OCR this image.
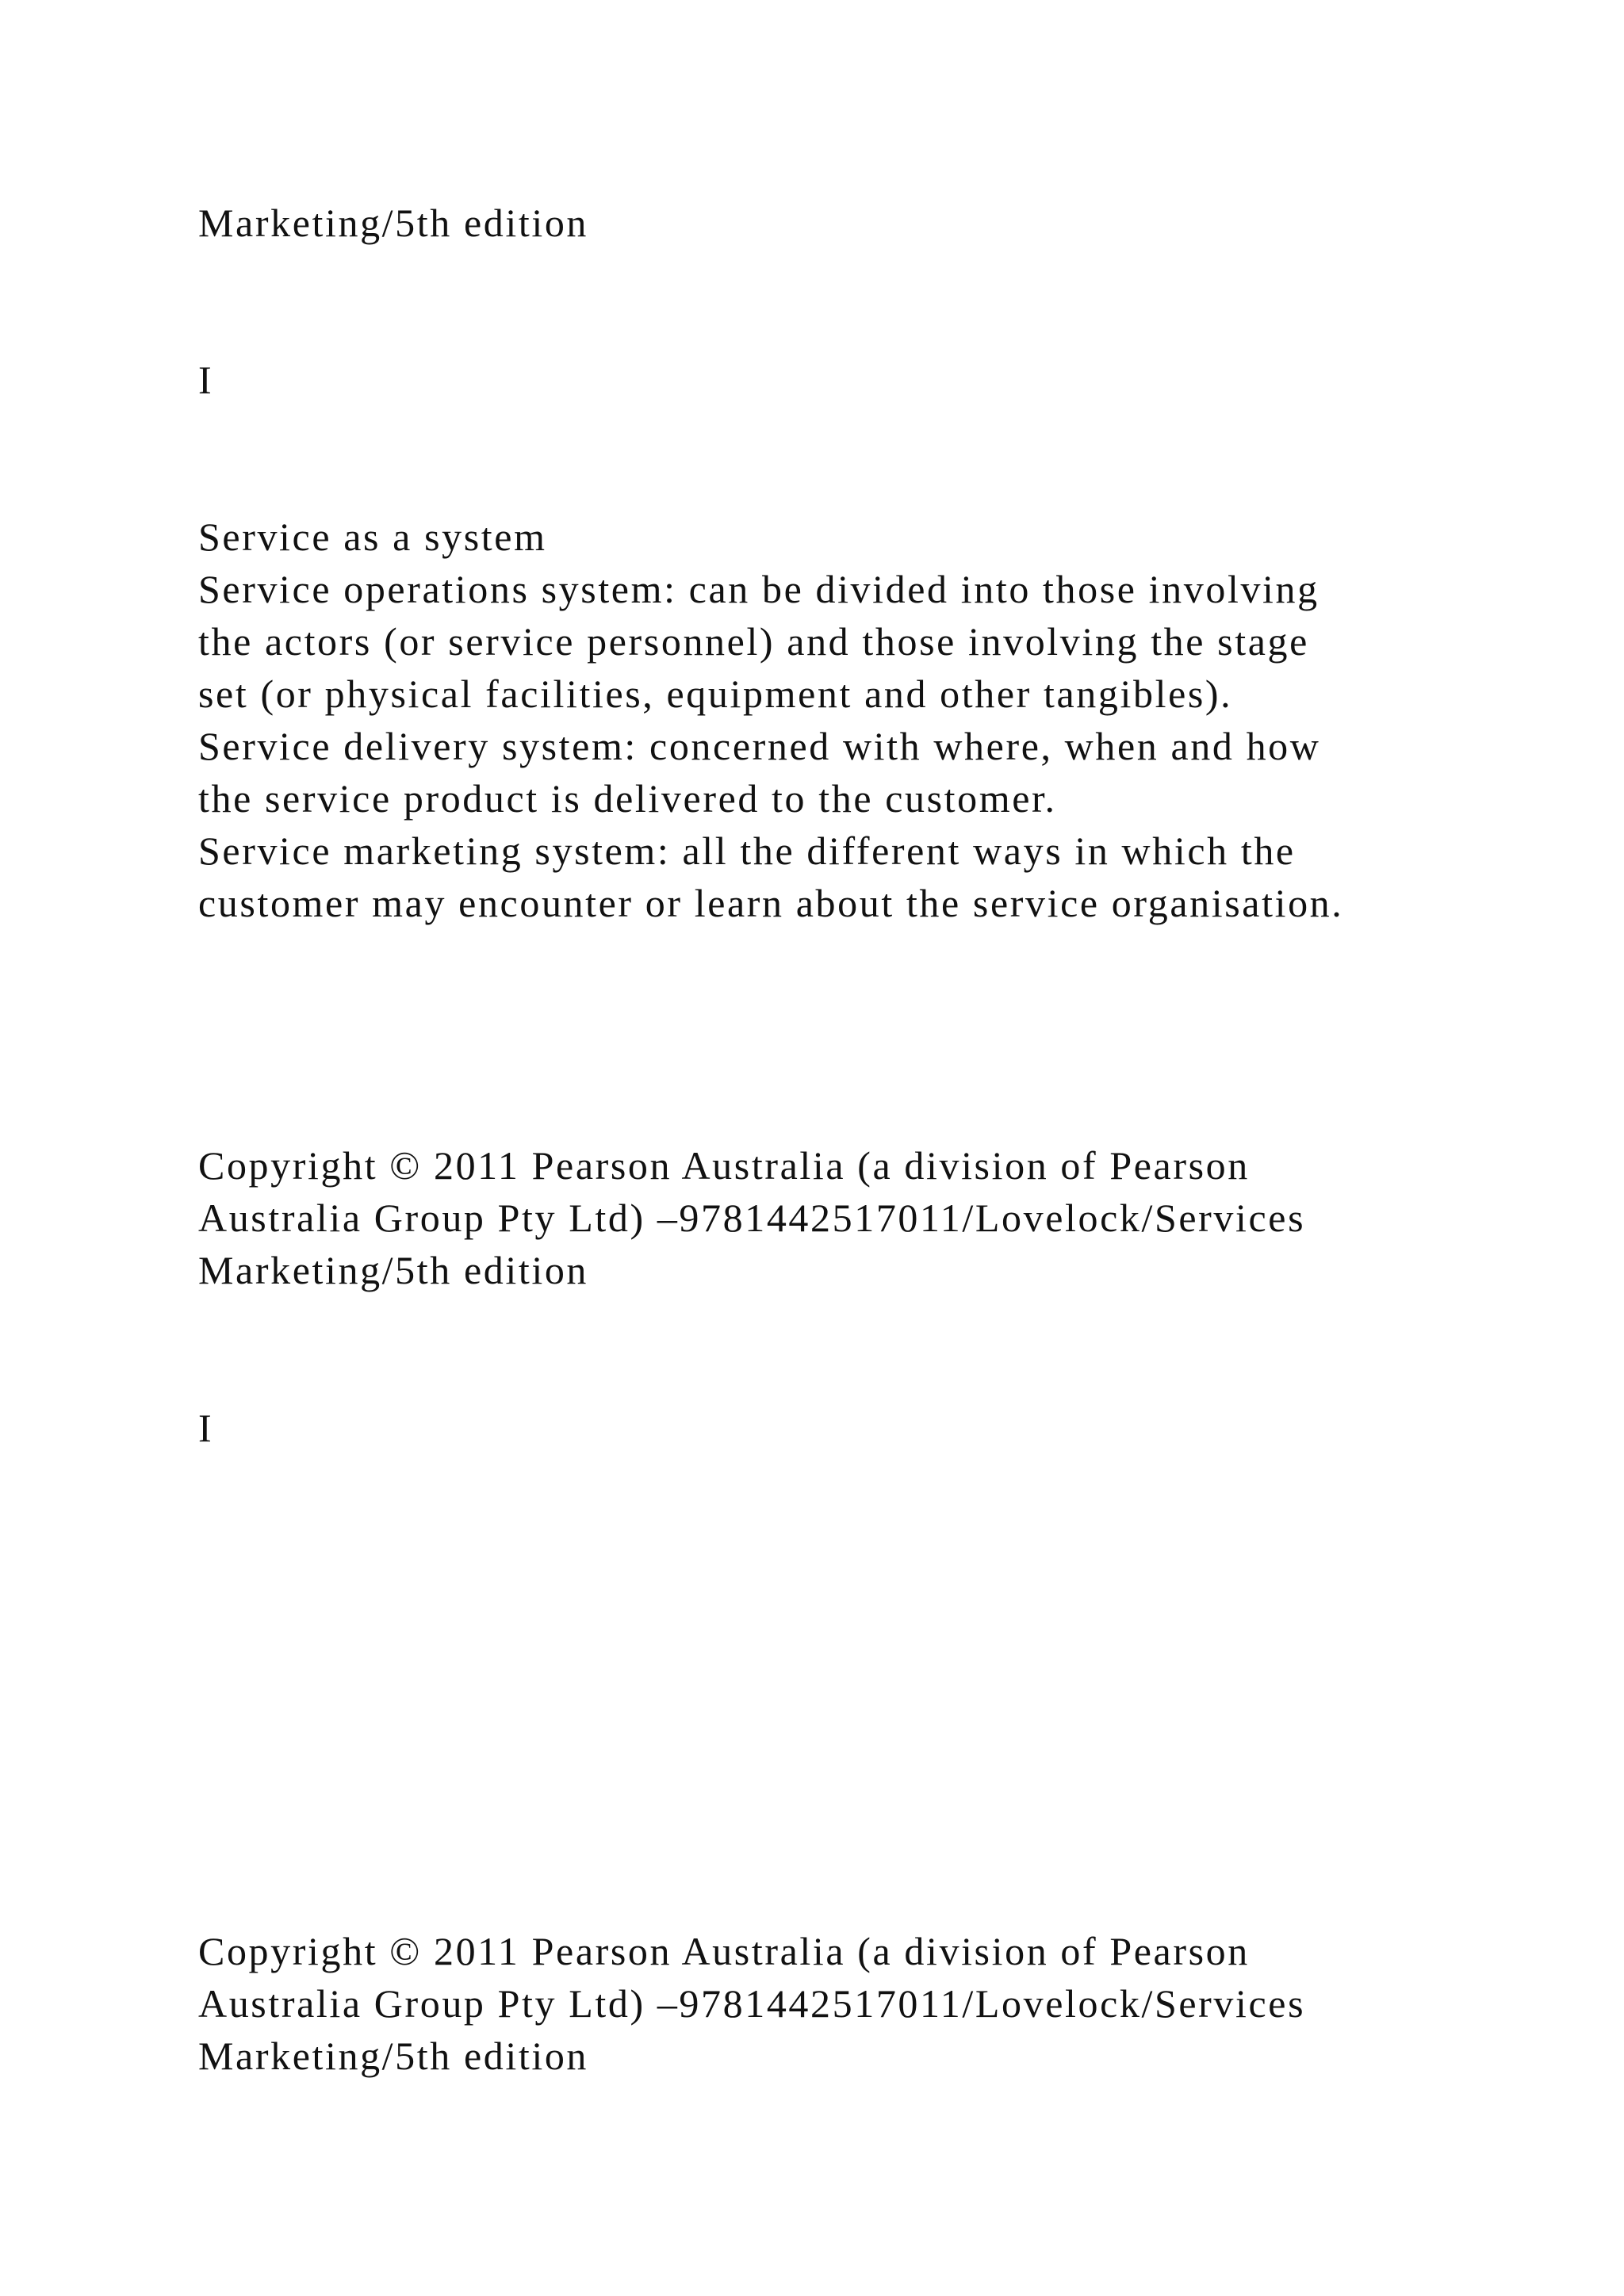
Marketing/5th edition

I

Service as a system

Service operations system: can be divided into those involving

the actors (or service personnel) and those involving the stage

set (or physical facilities, equipment and other tangibles).

Service delivery system: concerned with where, when and how

the service product is delivered to the customer.

Service marketing system: all the different ways in which the

customer may encounter or learn about the service organisation.

Copyright © 2011 Pearson Australia (a division of Pearson

Australia Group Pty Ltd) –9781442517011/Lovelock/Services

Marketing/5th edition

I

Copyright © 2011 Pearson Australia (a division of Pearson

Australia Group Pty Ltd) –9781442517011/Lovelock/Services

Marketing/5th edition
